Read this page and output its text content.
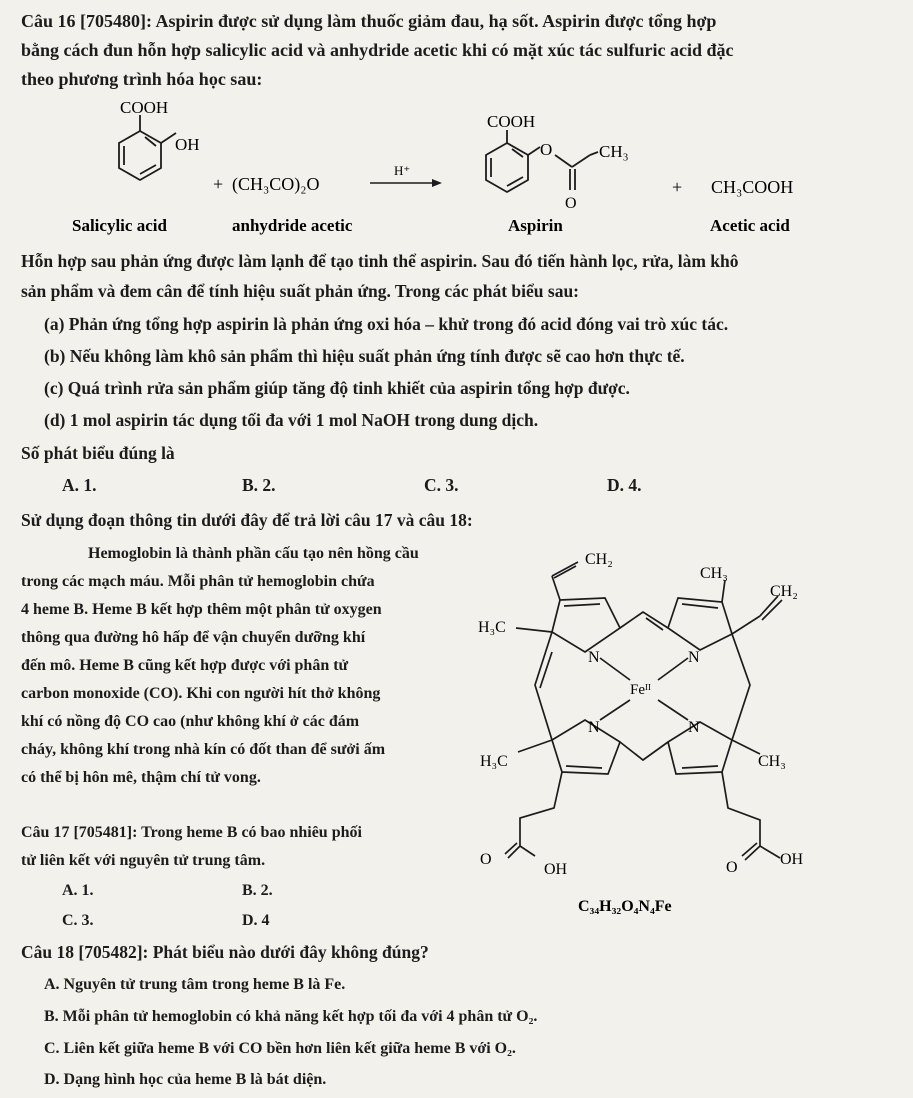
Câu 16 [705480]: Aspirin được sử dụng làm thuốc giảm đau, hạ sốt. Aspirin được tổng hợp
bằng cách đun hỗn hợp salicylic acid và anhydride acetic khi có mặt xúc tác sulfuric acid đặc
theo phương trình hóa học sau:
COOH
OH
+ (CH₃CO)₂O
H⁺
COOH
O	CH₃
O
+ CH₃COOH
Salicylic acid	anhydride acetic	Aspirin	Acetic acid
Hỗn hợp sau phản ứng được làm lạnh để tạo tinh thể aspirin. Sau đó tiến hành lọc, rửa, làm khô
sản phẩm và đem cân để tính hiệu suất phản ứng. Trong các phát biểu sau:
(a) Phản ứng tổng hợp aspirin là phản ứng oxi hóa – khử trong đó acid đóng vai trò xúc tác.
(b) Nếu không làm khô sản phẩm thì hiệu suất phản ứng tính được sẽ cao hơn thực tế.
(c) Quá trình rửa sản phẩm giúp tăng độ tinh khiết của aspirin tổng hợp được.
(d) 1 mol aspirin tác dụng tối đa với 1 mol NaOH trong dung dịch.
Số phát biểu đúng là
A. 1.	B. 2.	C. 3.	D. 4.
Sử dụng đoạn thông tin dưới đây để trả lời câu 17 và câu 18:
Hemoglobin là thành phần cấu tạo nên hồng cầu
trong các mạch máu. Mỗi phân tử hemoglobin chứa
4 heme B. Heme B kết hợp thêm một phân tử oxygen
thông qua đường hô hấp để vận chuyển dưỡng khí
đến mô. Heme B cũng kết hợp được với phân tử
carbon monoxide (CO). Khi con người hít thở không
khí có nồng độ CO cao (như không khí ở các đám
cháy, không khí trong nhà kín có đốt than để sưởi ấm
có thể bị hôn mê, thậm chí tử vong.
CH₂
CH₃
CH₂
H₃C
N	N
Feᴵᴵ
N	N
H₃C	CH₃
O
OH	O	OH
C₃₄H₃₂O₄N₄Fe
Câu 17 [705481]: Trong heme B có bao nhiêu phối
tử liên kết với nguyên tử trung tâm.
A. 1.	B. 2.
C. 3.	D. 4
Câu 18 [705482]: Phát biểu nào dưới đây không đúng?
A. Nguyên tử trung tâm trong heme B là Fe.
B. Mỗi phân tử hemoglobin có khả năng kết hợp tối đa với 4 phân tử O₂.
C. Liên kết giữa heme B với CO bền hơn liên kết giữa heme B với O₂.
D. Dạng hình học của heme B là bát diện.
